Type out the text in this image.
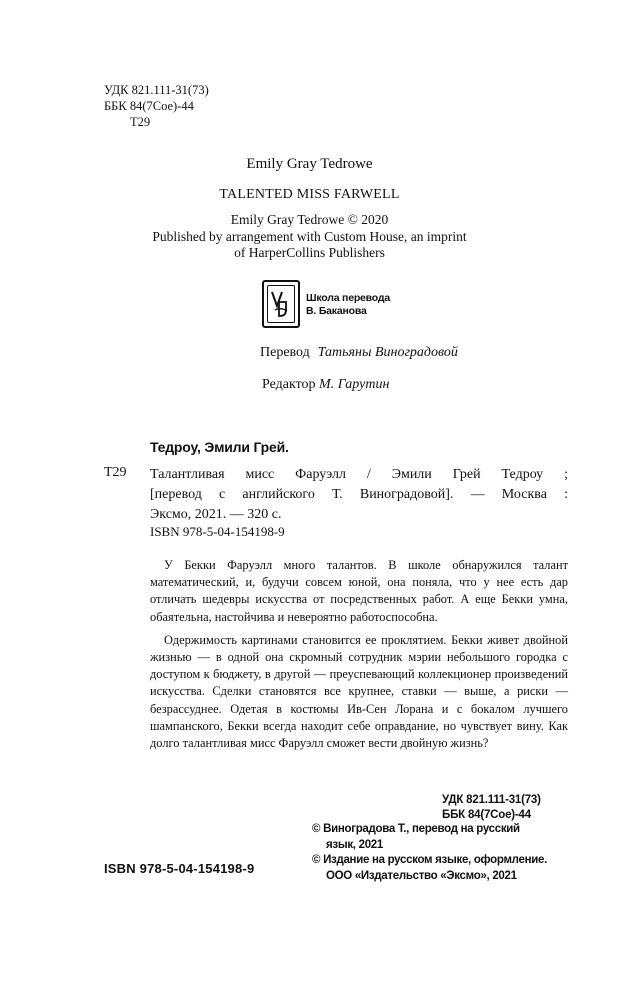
УДК 821.111-31(73)
ББК 84(7Сое)-44
Т29
Emily Gray Tedrowe
TALENTED MISS FARWELL
Emily Gray Tedrowe © 2020
Published by arrangement with Custom House, an imprint
of HarperCollins Publishers
Школа перевода
В. Баканова
Перевод Татьяны Виноградовой
Редактор М. Гарутин
Тедроу, Эмили Грей.
Т29 Талантливая мисс Фаруэлл / Эмили Грей Тедроу ;
[перевод с английского Т. Виноградовой]. — Москва :
Эксмо, 2021. — 320 с.
ISBN 978-5-04-154198-9

У Бекки Фаруэлл много талантов. В школе обнаружился талант математический, и, будучи совсем юной, она поняла, что у нее есть дар отличать шедевры искусства от посредственных работ. А еще Бекки умна, обаятельна, настойчива и невероятно работоспособна.

Одержимость картинами становится ее проклятием. Бекки живет двойной жизнью — в одной она скромный сотрудник мэрии небольшого городка с доступом к бюджету, в другой — преуспевающий коллекционер произведений искусства. Сделки становятся все крупнее, ставки — выше, а риски — безрассуднее. Одетая в костюмы Ив-Сен Лорана и с бокалом лучшего шампанского, Бекки всегда находит себе оправдание, но чувствует вину. Как долго талантливая мисс Фаруэлл сможет вести двойную жизнь?

УДК 821.111-31(73)
ББК 84(7Сое)-44
ISBN 978-5-04-154198-9
© Виноградова Т., перевод на русский
язык, 2021
© Издание на русском языке, оформление.
ООО «Издательство «Эксмо», 2021
